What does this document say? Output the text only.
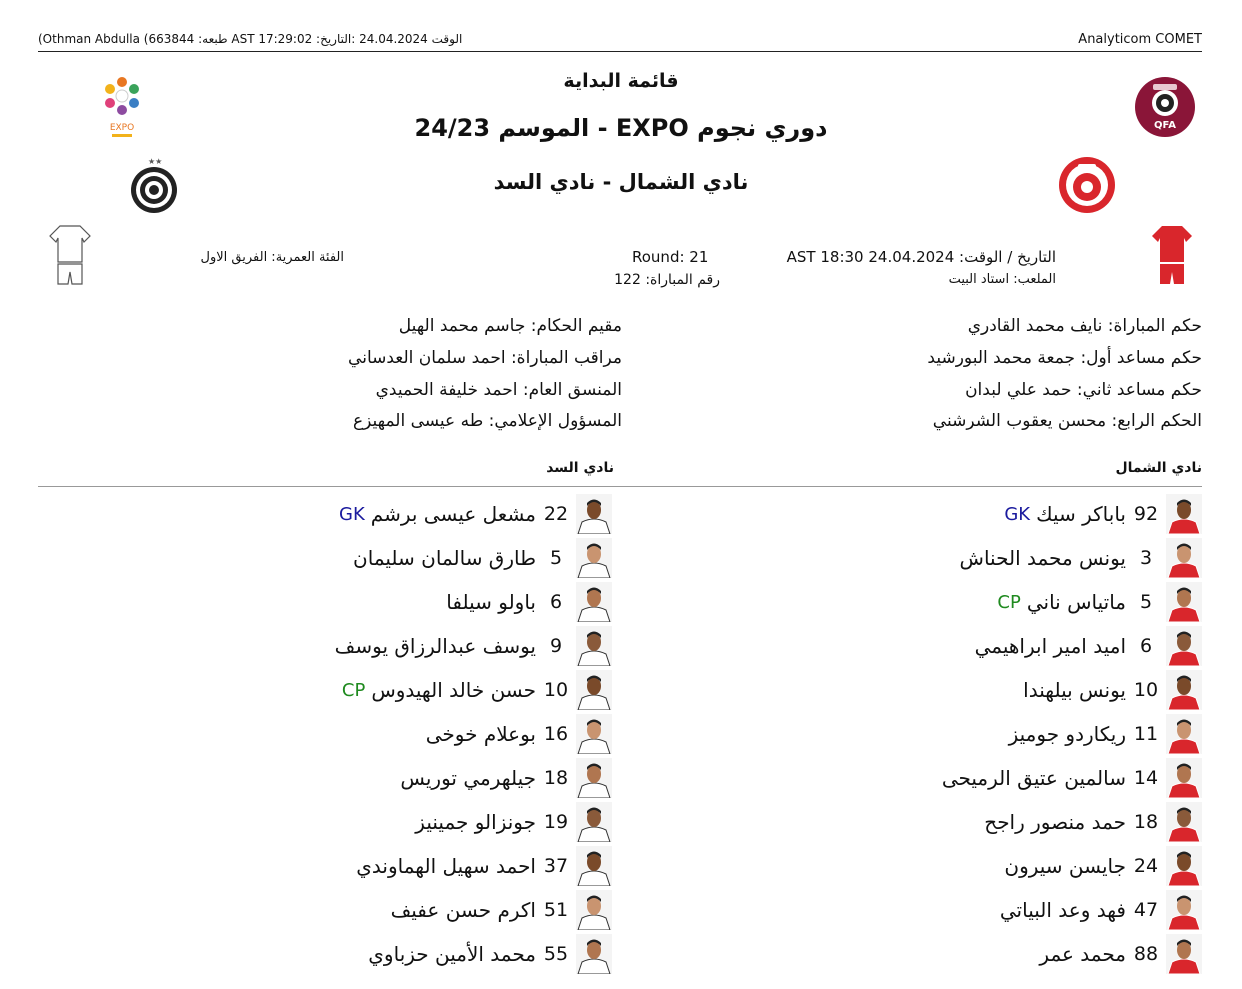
(Othman Abdulla (663844 :طبعه AST 17:29:02 :الوقت 24.04.2024 :التاريخ	Analyticom COMET
QFA
EXPO
★★
قائمة البداية
دوري نجوم EXPO - الموسم 24/23
نادي الشمال - نادي السد
التاريخ / الوقت: 24.04.2024 18:30 AST
الملعب: استاد البيت
Round: 21
رقم المباراة: 122
الفئة العمرية: الفريق الاول
حكم المباراة: نايف محمد القادري
حكم مساعد أول: جمعة محمد البورشيد
حكم مساعد ثاني: حمد علي لبدان
الحكم الرابع: محسن يعقوب الشرشني
مقيم الحكام: جاسم محمد الهيل
مراقب المباراة: احمد سلمان العدساني
المنسق العام: احمد خليفة الحميدي
المسؤول الإعلامي: طه عيسى المهيزع
نادي الشمال
نادي السد
92
باباكر سيك
GK
3
يونس محمد الحناش
5
ماتياس ناني
CP
6
اميد امير ابراهيمي
10
يونس بيلهندا
11
ريكاردو جوميز
14
سالمين عتيق الرميحى
18
حمد منصور راجح
24
جايسن سيرون
47
فهد وعد البياتي
88
محمد عمر
22
مشعل عيسى برشم
GK
5
طارق سالمان سليمان
6
باولو سيلفا
9
يوسف عبدالرزاق يوسف
10
حسن خالد الهيدوس
CP
16
بوعلام خوخى
18
جيلهرمي توريس
19
جونزالو جمينيز
37
احمد سهيل الهماوندي
51
اكرم حسن عفيف
55
محمد الأمين حزباوي
